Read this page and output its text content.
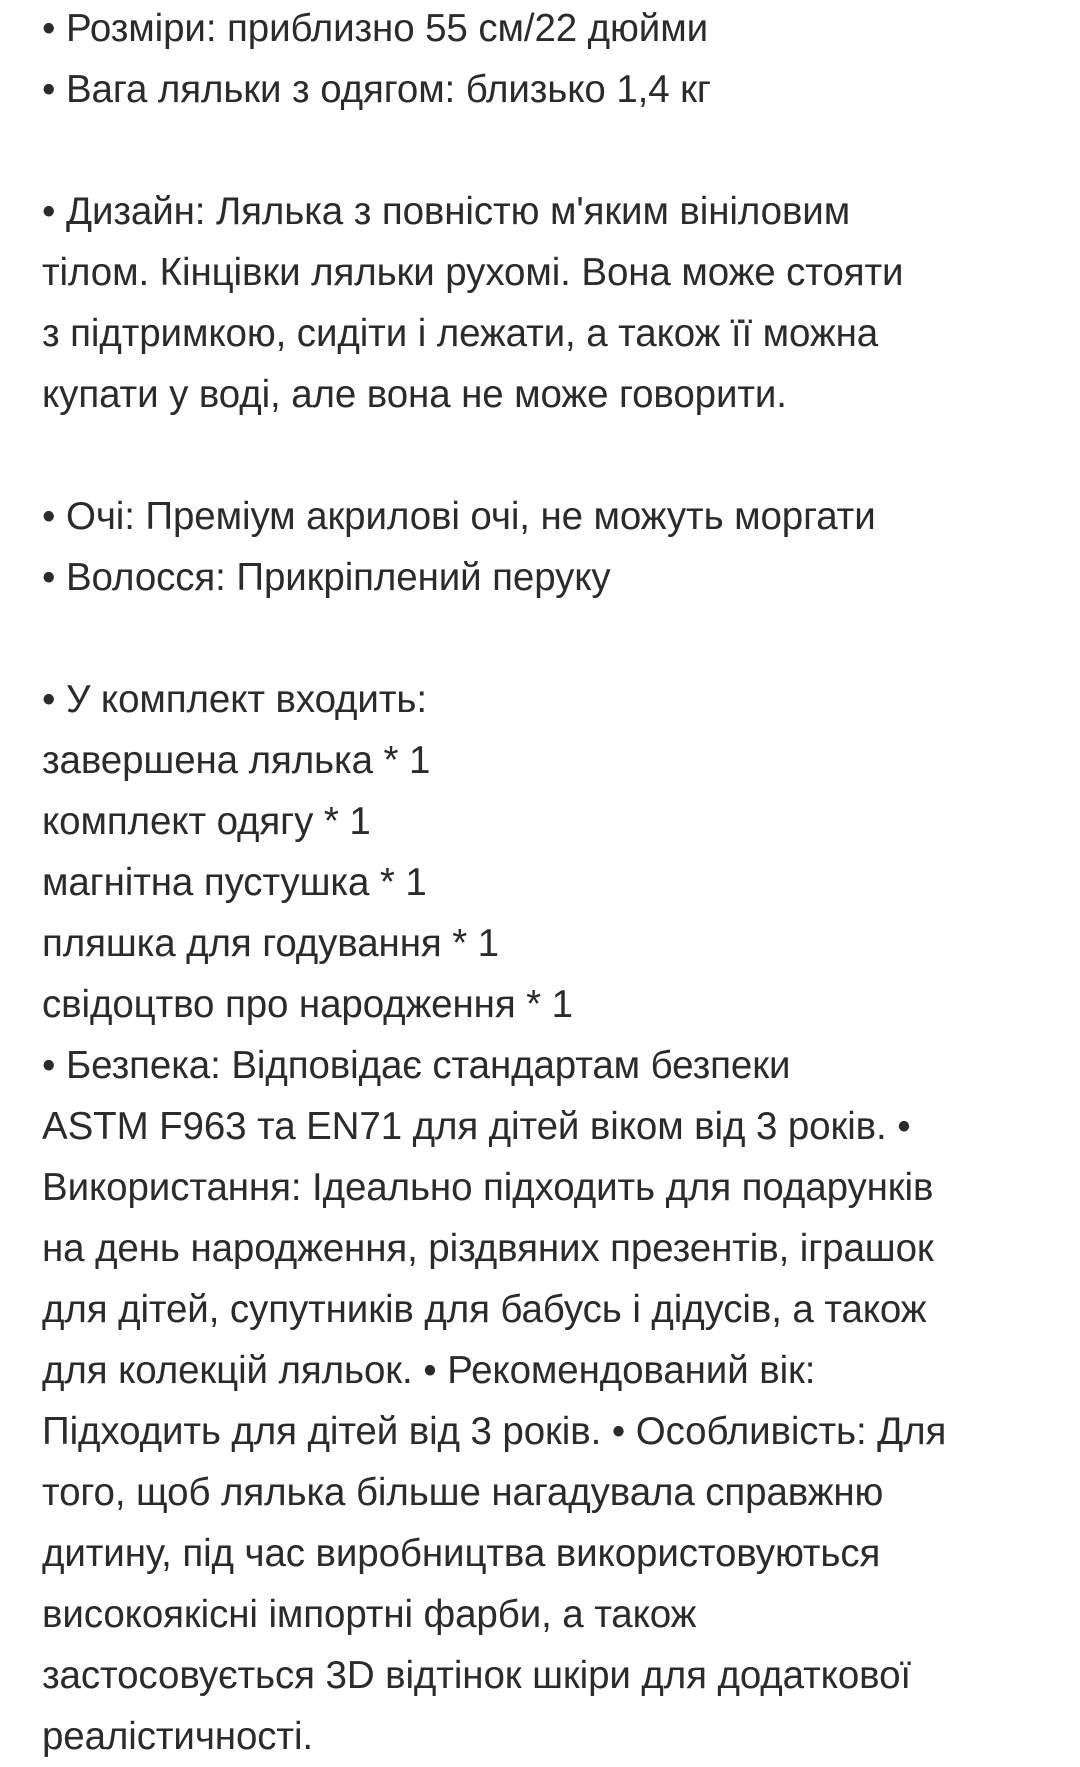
• Розміри: приблизно 55 см/22 дюйми
• Вага ляльки з одягом: близько 1,4 кг
• Дизайн: Лялька з повністю м'яким вініловим
тілом. Кінцівки ляльки рухомі. Вона може стояти
з підтримкою, сидіти і лежати, а також її можна
купати у воді, але вона не може говорити.
• Очі: Преміум акрилові очі, не можуть моргати
• Волосся: Прикріплений перуку
• У комплект входить:
завершена лялька * 1
комплект одягу * 1
магнітна пустушка * 1
пляшка для годування * 1
свідоцтво про народження * 1
• Безпека: Відповідає стандартам безпеки
ASTM F963 та EN71 для дітей віком від 3 років. •
Використання: Ідеально підходить для подарунків
на день народження, різдвяних презентів, іграшок
для дітей, супутників для бабусь і дідусів, а також
для колекцій ляльок. • Рекомендований вік:
Підходить для дітей від 3 років. • Особливість: Для
того, щоб лялька більше нагадувала справжню
дитину, під час виробництва використовуються
високоякісні імпортні фарби, а також
застосовується 3D відтінок шкіри для додаткової
реалістичності.
